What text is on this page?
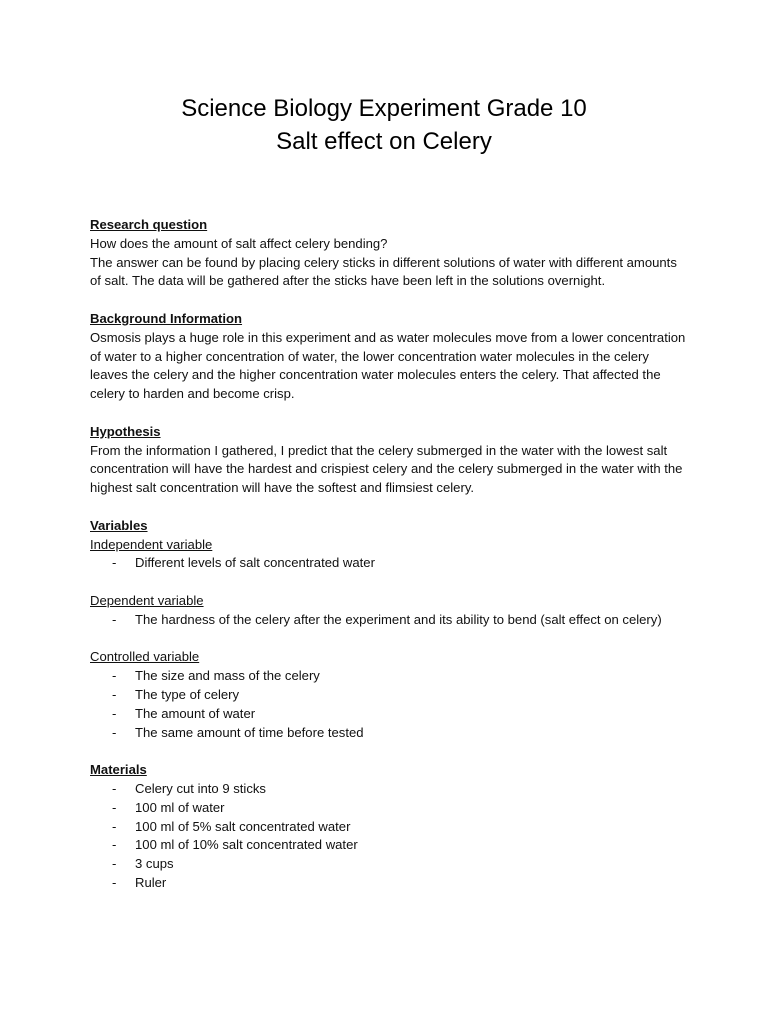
Science Biology Experiment Grade 10

Salt effect on Celery

Research question

How does the amount of salt affect celery bending?

The answer can be found by placing celery sticks in different solutions of water with different amounts of salt. The data will be gathered after the sticks have been left in the solutions overnight.

Background Information

Osmosis plays a huge role in this experiment and as water molecules move from a lower concentration of water to a higher concentration of water, the lower concentration water molecules in the celery leaves the celery and the higher concentration water molecules enters the celery. That affected the celery to harden and become crisp.

Hypothesis

From the information I gathered, I predict that the celery submerged in the water with the lowest salt concentration will have the hardest and crispiest celery and the celery submerged in the water with the highest salt concentration will have the softest and flimsiest celery.

Variables

Independent variable

- Different levels of salt concentrated water

Dependent variable

- The hardness of the celery after the experiment and its ability to bend (salt effect on celery)

Controlled variable

- The size and mass of the celery
- The type of celery
- The amount of water
- The same amount of time before tested

Materials

- Celery cut into 9 sticks
- 100 ml of water
- 100 ml of 5% salt concentrated water
- 100 ml of 10% salt concentrated water
- 3 cups
- Ruler
